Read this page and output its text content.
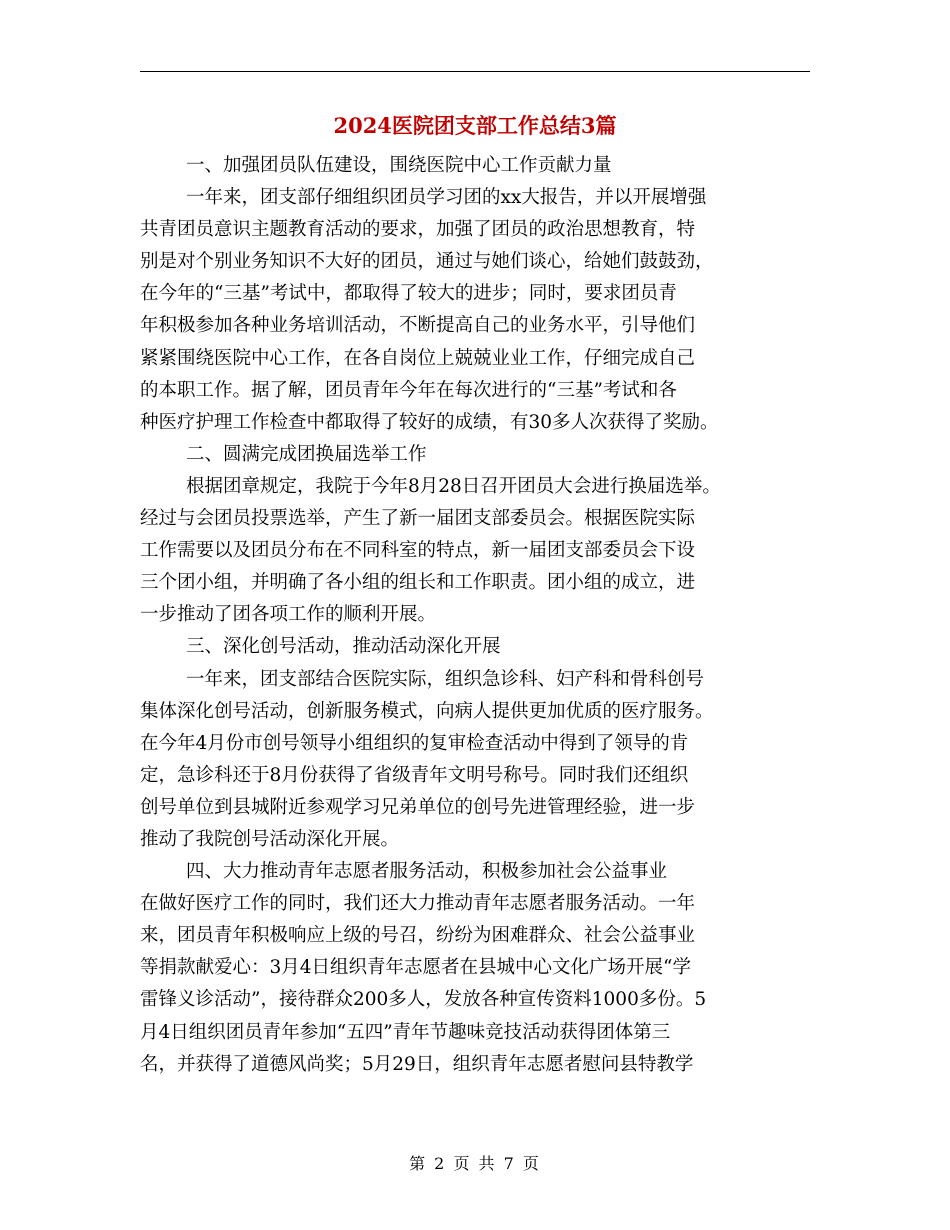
2024医院团支部工作总结3篇

一、加强团员队伍建设，围绕医院中心工作贡献力量

一年来，团支部仔细组织团员学习团的xx大报告，并以开展增强

共青团员意识主题教育活动的要求，加强了团员的政治思想教育，特

别是对个别业务知识不大好的团员，通过与她们谈心，给她们鼓鼓劲，

在今年的“三基”考试中，都取得了较大的进步；同时，要求团员青

年积极参加各种业务培训活动，不断提高自己的业务水平，引导他们

紧紧围绕医院中心工作，在各自岗位上兢兢业业工作，仔细完成自己

的本职工作。据了解，团员青年今年在每次进行的“三基”考试和各

种医疗护理工作检查中都取得了较好的成绩，有30多人次获得了奖励。

二、圆满完成团换届选举工作

根据团章规定，我院于今年8月28日召开团员大会进行换届选举。

经过与会团员投票选举，产生了新一届团支部委员会。根据医院实际

工作需要以及团员分布在不同科室的特点，新一届团支部委员会下设

三个团小组，并明确了各小组的组长和工作职责。团小组的成立，进

一步推动了团各项工作的顺利开展。

三、深化创号活动，推动活动深化开展

一年来，团支部结合医院实际，组织急诊科、妇产科和骨科创号

集体深化创号活动，创新服务模式，向病人提供更加优质的医疗服务。

在今年4月份市创号领导小组组织的复审检查活动中得到了领导的肯

定，急诊科还于8月份获得了省级青年文明号称号。同时我们还组织

创号单位到县城附近参观学习兄弟单位的创号先进管理经验，进一步

推动了我院创号活动深化开展。

四、大力推动青年志愿者服务活动，积极参加社会公益事业

在做好医疗工作的同时，我们还大力推动青年志愿者服务活动。一年

来，团员青年积极响应上级的号召，纷纷为困难群众、社会公益事业

等捐款献爱心：3月4日组织青年志愿者在县城中心文化广场开展“学

雷锋义诊活动”，接待群众200多人，发放各种宣传资料1000多份。5

月4日组织团员青年参加“五四”青年节趣味竞技活动获得团体第三

名，并获得了道德风尚奖；5月29日，组织青年志愿者慰问县特教学

第 2 页 共 7 页
